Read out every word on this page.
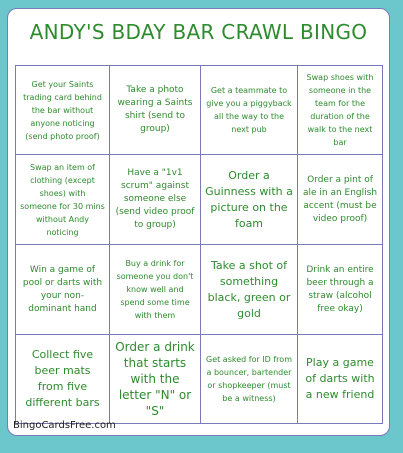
ANDY'S BDAY BAR CRAWL BINGO
Get your Saints trading card behind the bar without anyone noticing (send photo proof)
Take a photo wearing a Saints shirt (send to group)
Get a teammate to give you a piggyback all the way to the next pub
Swap shoes with someone in the team for the duration of the walk to the next bar
Swap an item of clothing (except shoes) with someone for 30 mins without Andy noticing
Have a "1v1 scrum" against someone else (send video proof to group)
Order a Guinness with a picture on the foam
Order a pint of ale in an English accent (must be video proof)
Win a game of pool or darts with your non-dominant hand
Buy a drink for someone you don't know well and spend some time with them
Take a shot of something black, green or gold
Drink an entire beer through a straw (alcohol free okay)
Collect five beer mats from five different bars
Order a drink that starts with the letter "N" or "S"
Get asked for ID from a bouncer, bartender or shopkeeper (must be a witness)
Play a game of darts with a new friend
BingoCardsFree.com
